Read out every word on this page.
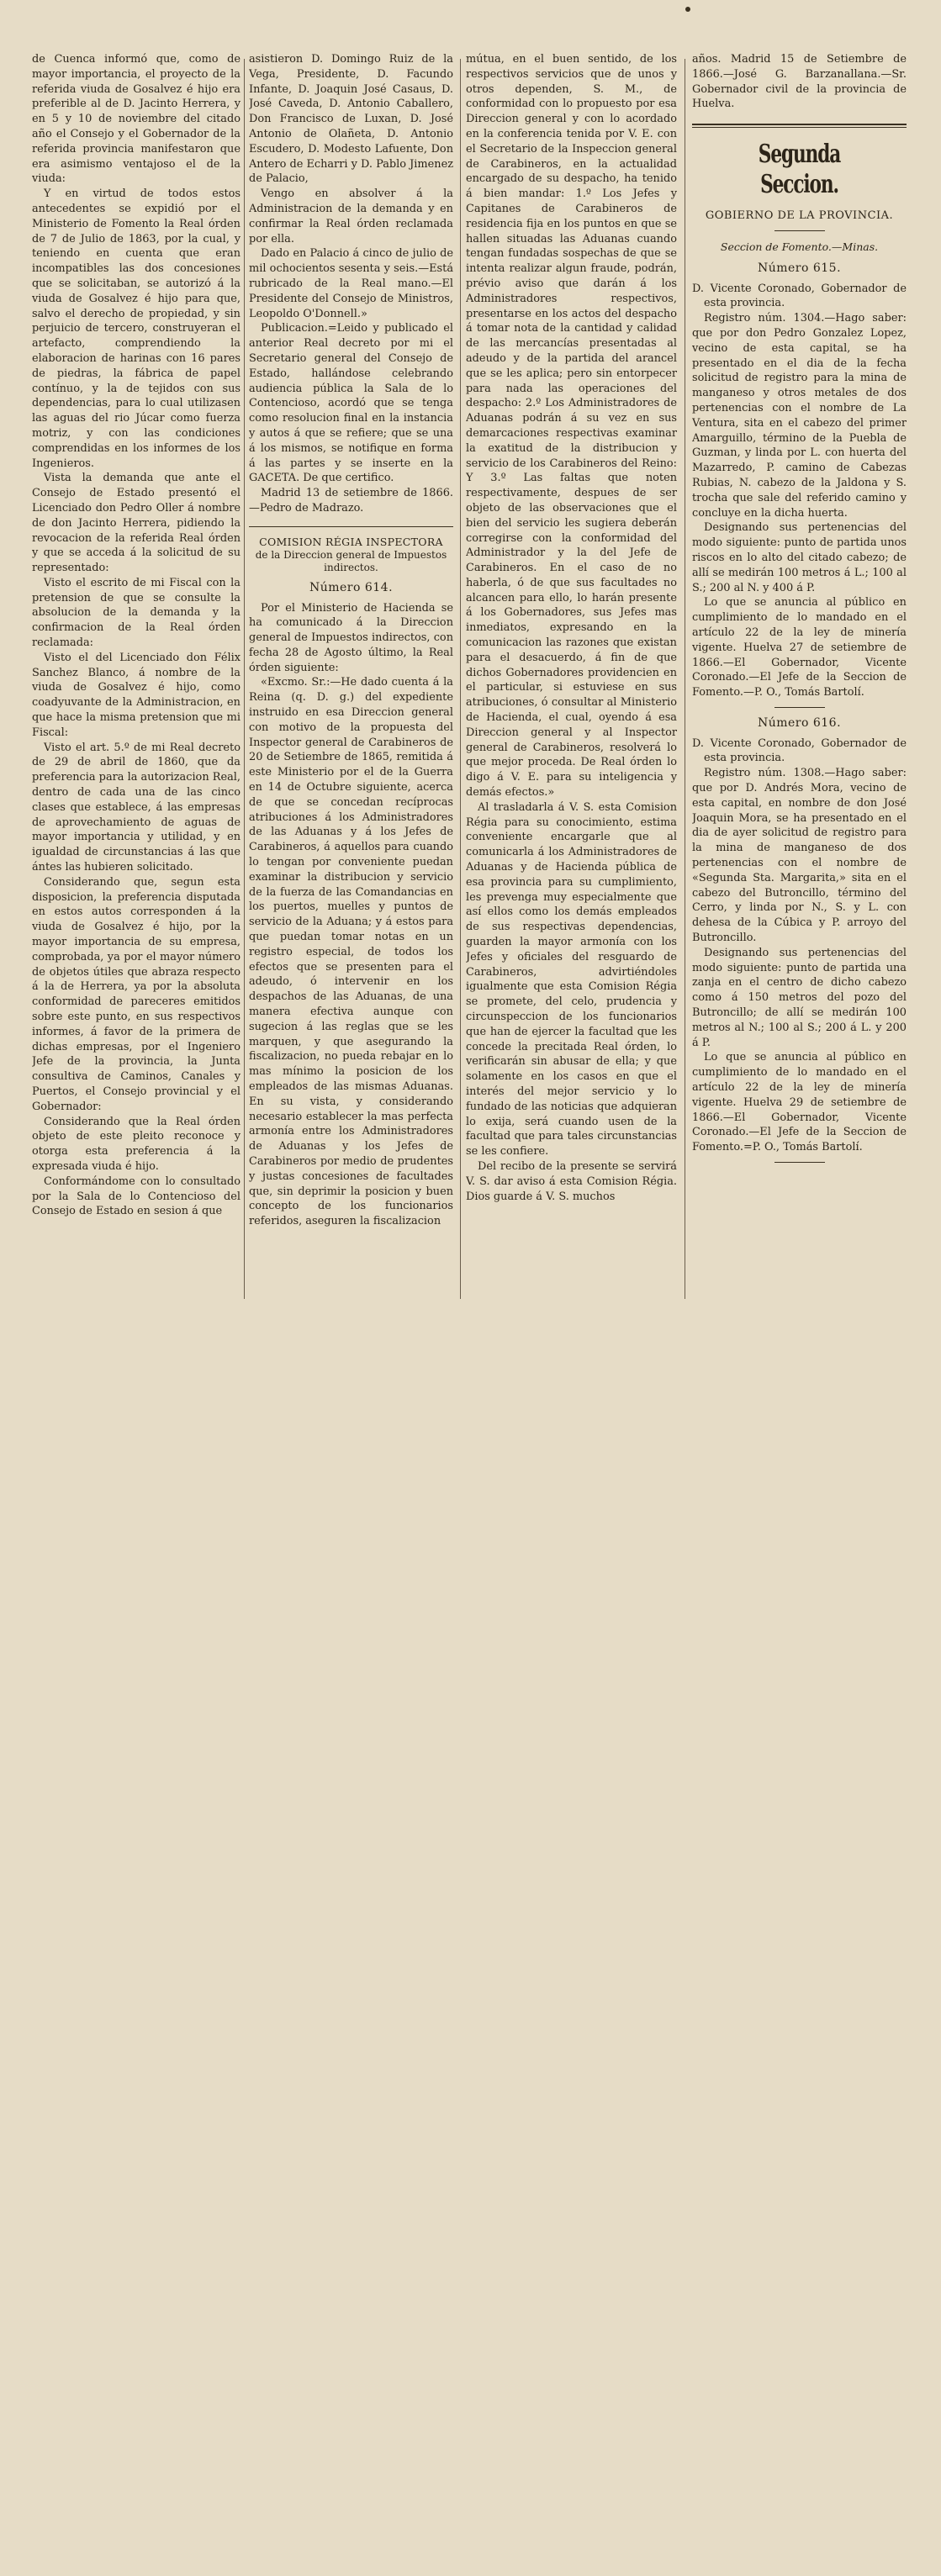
de Cuenca informó que, como de mayor importancia, el proyecto de la referida viuda de Gosalvez é hijo era preferible al de D. Jacinto Herrera, y en 5 y 10 de noviembre del citado año el Consejo y el Gobernador de la referida provincia manifestaron que era asimismo ventajoso el de la viuda:

Y en virtud de todos estos antecedentes se expidió por el Ministerio de Fomento la Real órden de 7 de Julio de 1863, por la cual, y teniendo en cuenta que eran incompatibles las dos concesiones que se solicitaban, se autorizó á la viuda de Gosalvez é hijo para que, salvo el derecho de propiedad, y sin perjuicio de tercero, construyeran el artefacto, comprendiendo la elaboracion de harinas con 16 pares de piedras, la fábrica de papel contínuo, y la de tejidos con sus dependencias, para lo cual utilizasen las aguas del rio Júcar como fuerza motriz, y con las condiciones comprendidas en los informes de los Ingenieros.

Vista la demanda que ante el Consejo de Estado presentó el Licenciado don Pedro Oller á nombre de don Jacinto Herrera, pidiendo la revocacion de la referida Real órden y que se acceda á la solicitud de su representado:

Visto el escrito de mi Fiscal con la pretension de que se consulte la absolucion de la demanda y la confirmacion de la Real órden reclamada:

Visto el del Licenciado don Félix Sanchez Blanco, á nombre de la viuda de Gosalvez é hijo, como coadyuvante de la Administracion, en que hace la misma pretension que mi Fiscal:

Visto el art. 5.º de mi Real decreto de 29 de abril de 1860, que da preferencia para la autorizacion Real, dentro de cada una de las cinco clases que establece, á las empresas de aprovechamiento de aguas de mayor importancia y utilidad, y en igualdad de circunstancias á las que ántes las hubieren solicitado.

Considerando que, segun esta disposicion, la preferencia disputada en estos autos corresponden á la viuda de Gosalvez é hijo, por la mayor importancia de su empresa, comprobada, ya por el mayor número de objetos útiles que abraza respecto á la de Herrera, ya por la absoluta conformidad de pareceres emitidos sobre este punto, en sus respectivos informes, á favor de la primera de dichas empresas, por el Ingeniero Jefe de la provincia, la Junta consultiva de Caminos, Canales y Puertos, el Consejo provincial y el Gobernador:

Considerando que la Real órden objeto de este pleito reconoce y otorga esta preferencia á la expresada viuda é hijo.

Conformándome con lo consultado por la Sala de lo Contencioso del Consejo de Estado en sesion á que

asistieron D. Domingo Ruiz de la Vega, Presidente, D. Facundo Infante, D. Joaquin José Casaus, D. José Caveda, D. Antonio Caballero, Don Francisco de Luxan, D. José Antonio de Olañeta, D. Antonio Escudero, D. Modesto Lafuente, Don Antero de Echarri y D. Pablo Jimenez de Palacio,

Vengo en absolver á la Administracion de la demanda y en confirmar la Real órden reclamada por ella.

Dado en Palacio á cinco de julio de mil ochocientos sesenta y seis.—Está rubricado de la Real mano.—El Presidente del Consejo de Ministros, Leopoldo O'Donnell.»

Publicacion.=Leido y publicado el anterior Real decreto por mi el Secretario general del Consejo de Estado, hallándose celebrando audiencia pública la Sala de lo Contencioso, acordó que se tenga como resolucion final en la instancia y autos á que se refiere; que se una á los mismos, se notifique en forma á las partes y se inserte en la GACETA. De que certifico.

Madrid 13 de setiembre de 1866.—Pedro de Madrazo.

COMISION RÉGIA INSPECTORA
de la Direccion general de Impuestos indirectos.
Número 614.

Por el Ministerio de Hacienda se ha comunicado á la Direccion general de Impuestos indirectos, con fecha 28 de Agosto último, la Real órden siguiente:

«Excmo. Sr.:—He dado cuenta á la Reina (q. D. g.) del expediente instruido en esa Direccion general con motivo de la propuesta del Inspector general de Carabineros de 20 de Setiembre de 1865, remitida á este Ministerio por el de la Guerra en 14 de Octubre siguiente, acerca de que se concedan recíprocas atribuciones á los Administradores de las Aduanas y á los Jefes de Carabineros, á aquellos para cuando lo tengan por conveniente puedan examinar la distribucion y servicio de la fuerza de las Comandancias en los puertos, muelles y puntos de servicio de la Aduana; y á estos para que puedan tomar notas en un registro especial, de todos los efectos que se presenten para el adeudo, ó intervenir en los despachos de las Aduanas, de una manera efectiva aunque con sugecion á las reglas que se les marquen, y que asegurando la fiscalizacion, no pueda rebajar en lo mas mínimo la posicion de los empleados de las mismas Aduanas. En su vista, y considerando necesario establecer la mas perfecta armonía entre los Administradores de Aduanas y los Jefes de Carabineros por medio de prudentes y justas concesiones de facultades que, sin deprimir la posicion y buen concepto de los funcionarios referidos, aseguren la fiscalizacion

mútua, en el buen sentido, de los respectivos servicios que de unos y otros dependen, S. M., de conformidad con lo propuesto por esa Direccion general y con lo acordado en la conferencia tenida por V. E. con el Secretario de la Inspeccion general de Carabineros, en la actualidad encargado de su despacho, ha tenido á bien mandar: 1.º Los Jefes y Capitanes de Carabineros de residencia fija en los puntos en que se hallen situadas las Aduanas cuando tengan fundadas sospechas de que se intenta realizar algun fraude, podrán, prévio aviso que darán á los Administradores respectivos, presentarse en los actos del despacho á tomar nota de la cantidad y calidad de las mercancías presentadas al adeudo y de la partida del arancel que se les aplica; pero sin entorpecer para nada las operaciones del despacho: 2.º Los Administradores de Aduanas podrán á su vez en sus demarcaciones respectivas examinar la exatitud de la distribucion y servicio de los Carabineros del Reino: Y 3.º Las faltas que noten respectivamente, despues de ser objeto de las observaciones que el bien del servicio les sugiera deberán corregirse con la conformidad del Administrador y la del Jefe de Carabineros. En el caso de no haberla, ó de que sus facultades no alcancen para ello, lo harán presente á los Gobernadores, sus Jefes mas inmediatos, expresando en la comunicacion las razones que existan para el desacuerdo, á fin de que dichos Gobernadores providencien en el particular, si estuviese en sus atribuciones, ó consultar al Ministerio de Hacienda, el cual, oyendo á esa Direccion general y al Inspector general de Carabineros, resolverá lo que mejor proceda. De Real órden lo digo á V. E. para su inteligencia y demás efectos.»

Al trasladarla á V. S. esta Comision Régia para su conocimiento, estima conveniente encargarle que al comunicarla á los Administradores de Aduanas y de Hacienda pública de esa provincia para su cumplimiento, les prevenga muy especialmente que así ellos como los demás empleados de sus respectivas dependencias, guarden la mayor armonía con los Jefes y oficiales del resguardo de Carabineros, advirtiéndoles igualmente que esta Comision Régia se promete, del celo, prudencia y circunspeccion de los funcionarios que han de ejercer la facultad que les concede la precitada Real órden, lo verificarán sin abusar de ella; y que solamente en los casos en que el interés del mejor servicio y lo fundado de las noticias que adquieran lo exija, será cuando usen de la facultad que para tales circunstancias se les confiere.

Del recibo de la presente se servirá V. S. dar aviso á esta Comision Régia. Dios guarde á V. S. muchos

años. Madrid 15 de Setiembre de 1866.—José G. Barzanallana.—Sr. Gobernador civil de la provincia de Huelva.

Segunda Seccion.
GOBIERNO DE LA PROVINCIA.
Seccion de Fomento.—Minas.
Número 615.

D. Vicente Coronado, Gobernador de esta provincia.

Registro núm. 1304.—Hago saber: que por don Pedro Gonzalez Lopez, vecino de esta capital, se ha presentado en el dia de la fecha solicitud de registro para la mina de manganeso y otros metales de dos pertenencias con el nombre de La Ventura, sita en el cabezo del primer Amarguillo, término de la Puebla de Guzman, y linda por L. con huerta del Mazarredo, P. camino de Cabezas Rubias, N. cabezo de la Jaldona y S. trocha que sale del referido camino y concluye en la dicha huerta.

Designando sus pertenencias del modo siguiente: punto de partida unos riscos en lo alto del citado cabezo; de allí se medirán 100 metros á L.; 100 al S.; 200 al N. y 400 á P.

Lo que se anuncia al público en cumplimiento de lo mandado en el artículo 22 de la ley de minería vigente. Huelva 27 de setiembre de 1866.—El Gobernador, Vicente Coronado.—El Jefe de la Seccion de Fomento.—P. O., Tomás Bartolí.

Número 616.

D. Vicente Coronado, Gobernador de esta provincia.

Registro núm. 1308.—Hago saber: que por D. Andrés Mora, vecino de esta capital, en nombre de don José Joaquin Mora, se ha presentado en el dia de ayer solicitud de registro para la mina de manganeso de dos pertenencias con el nombre de «Segunda Sta. Margarita,» sita en el cabezo del Butroncillo, término del Cerro, y linda por N., S. y L. con dehesa de la Cúbica y P. arroyo del Butroncillo.

Designando sus pertenencias del modo siguiente: punto de partida una zanja en el centro de dicho cabezo como á 150 metros del pozo del Butroncillo; de allí se medirán 100 metros al N.; 100 al S.; 200 á L. y 200 á P.

Lo que se anuncia al público en cumplimiento de lo mandado en el artículo 22 de la ley de minería vigente. Huelva 29 de setiembre de 1866.—El Gobernador, Vicente Coronado.—El Jefe de la Seccion de Fomento.=P. O., Tomás Bartolí.
